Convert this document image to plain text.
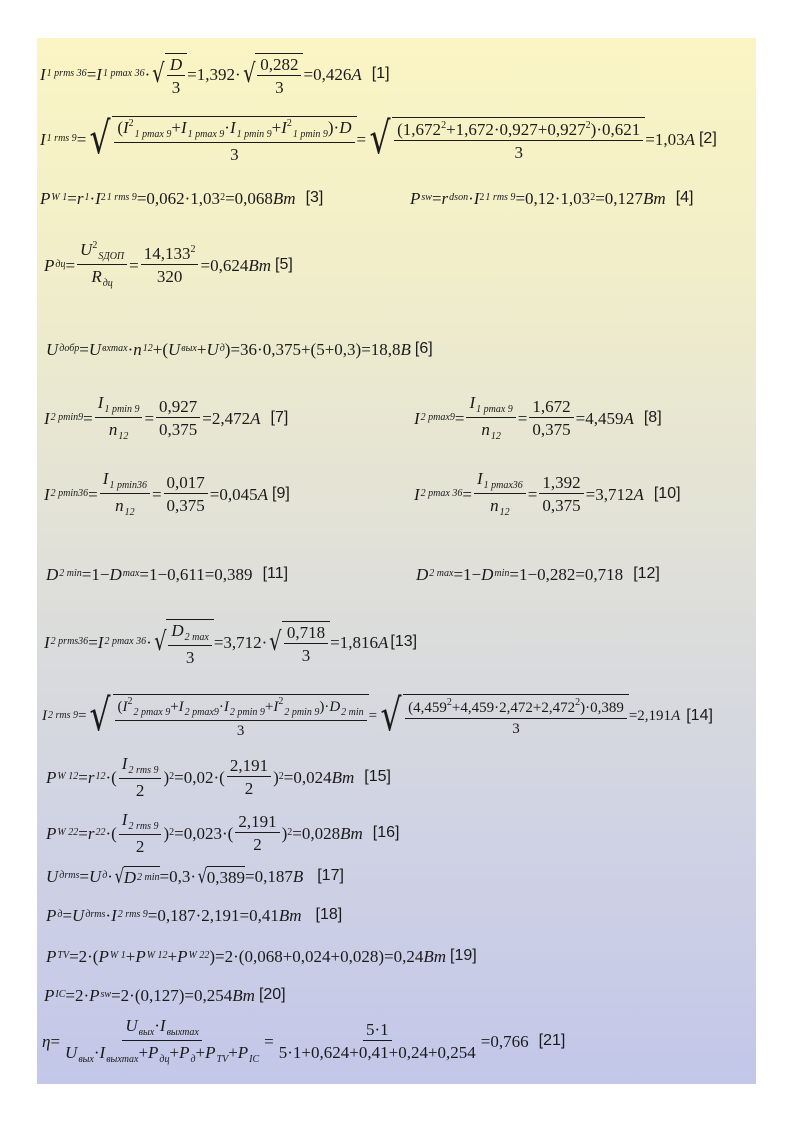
I 1 prms 36 = I 1 pmax 36 · √ $\frac{D}{3} =1,392\cdot$ √ $\frac{0,282}{3} =0,426$ A [1]
I 1 rms 9 = √ $\frac{(I^2_{1 pmax 9}+I_{1 pmax 9}\cdot I_{1 pmin 9}+I^2_{1 pmin 9})\cdot D}{3}$ = √ $\frac{(1,672^2+1,672\cdot 0,927+0,927^2)\cdot 0,621}{3} =1,03$ A [2]
P W 1 = r 1 · I 2 1 rms 9 =0,062·1,03 2 =0,068 Bm [3]	P sw = r dson · I 2 1 rms 9 =0,12·1,03 2 =0,127 Bm [4]
P дц = $\frac{U^2_{SДОП}}{R_{дц}} = \frac{14,133^2}{320} =0,624$ Bm [5]
U добр = U вхmax · n 12 +( U вых + U д )=36·0,375+(5+0,3)=18,8 B [6]
I 2 $pmin9 = \frac{I_{1 pmin 9}}{n_{12}} = \frac{0,927}{0,375} =2,472$ A [7]	I 2 $pmax9 = \frac{I_{1 pmax 9}}{n_{12}} = \frac{1,672}{0,375} =4,459$ A [8]
I 2 $pmin36 = \frac{I_{1 pmin36}}{n_{12}} = \frac{0,017}{0,375} =0,045$ A [9]	I 2 pmax $36 = \frac{I_{1 pmax36}}{n_{12}} = \frac{1,392}{0,375} =3,712$ A [10]
D 2 min =1− D max =1−0,611=0,389 [11]	D 2 max =1− D min =1−0,282=0,718 [12]
I 2 prms36 = I 2 pmax 36 · √ $\frac{D_{2 max}}{3} =3,712\cdot$ √ $\frac{0,718}{3} =1,816$ A [13]
I 2 rms 9 = √ $\frac{(I^2_{2 pmax 9}+I_{2 pmax9}\cdot I_{2 pmin 9}+I^2_{2 pmin 9})\cdot D_{2 min}}{3}$ = √ $\frac{(4,459^2+4,459\cdot 2,472+2,472^2)\cdot 0,389}{3} =2,191$ A [14]
P W 12 = r 12 ·( $\frac{I_{2 rms 9}}{2}$ ) $2 =0,02\cdot( \frac{2,191}{2}$ ) 2 =0,024 Bm [15]
P W 22 = r 22 ·( $\frac{I_{2 rms 9}}{2}$ ) $2 =0,023\cdot( \frac{2,191}{2}$ ) 2 =0,028 Bm [16]
U дrms = U д · √ D 2 min =0,3· √ 0,389 =0,187 B [17]
P д = U дrms · I 2 rms 9 =0,187·2,191=0,41 Bm [18]
P TV =2·( P W 1 + P W 12 + P W 22 )=2·(0,068+0,024+0,028)=0,24 Bm [19]
P IC =2· P sw =2·(0,127)=0,254 Bm [20]
$\eta = \frac{U_{вых}\cdot I_{выхmax}}{U_{вых}\cdot I_{выхmax}+P_{дц}+P_д+P_{TV}+P_{IC}} = \frac{5\cdot 1}{5\cdot 1+0,624+0,41+0,24+0,254} =0,766$ [21]
